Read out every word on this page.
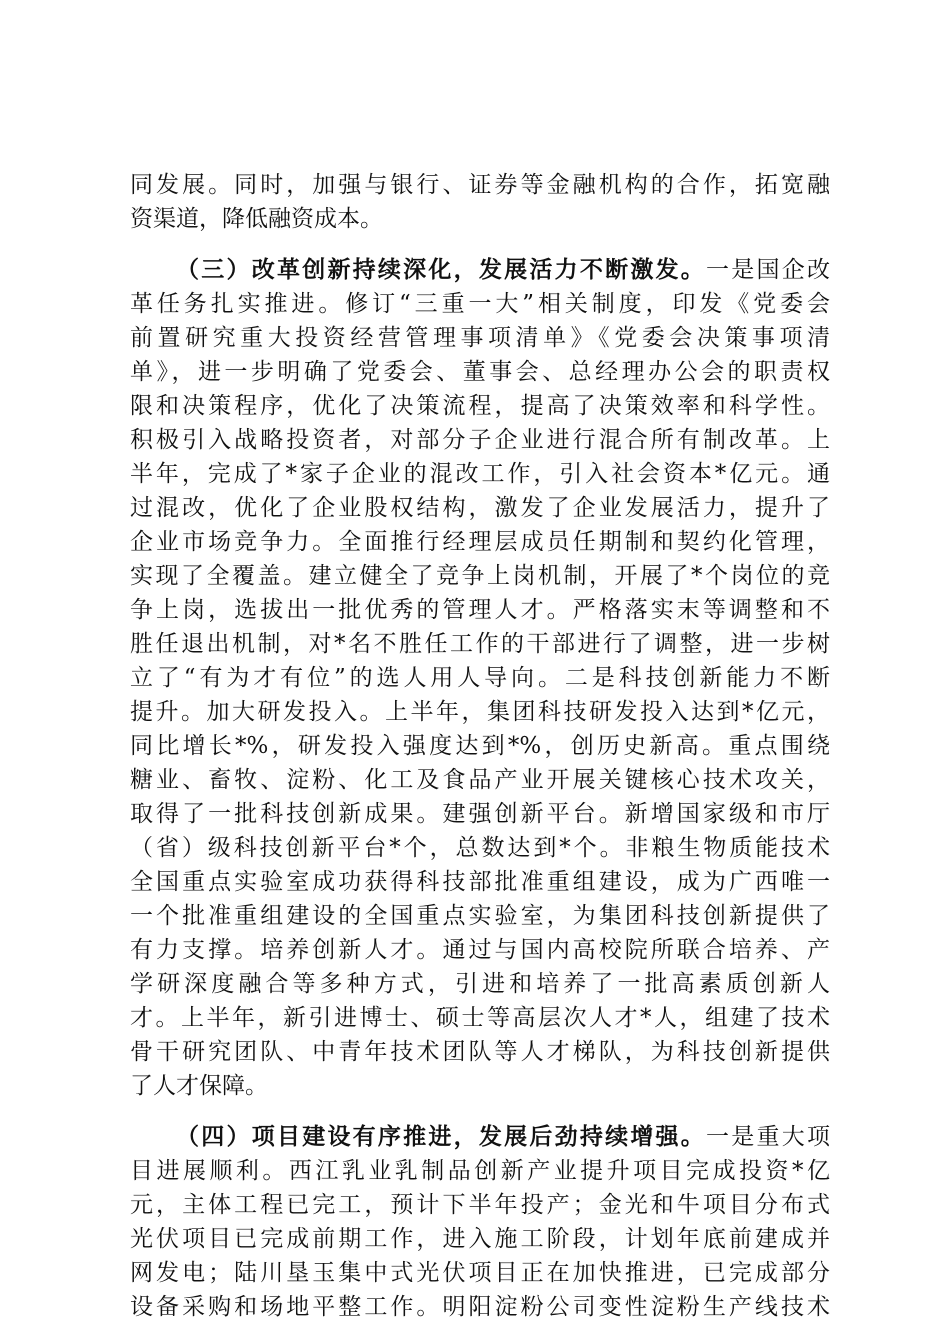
同发展。同时，加强与银行、证券等金融机构的合作，拓宽融

资渠道，降低融资成本。

（三）改革创新持续深化，发展活力不断激发。一是国企改

革任务扎实推进。修订“三重一大”相关制度，印发《党委会

前置研究重大投资经营管理事项清单》《党委会决策事项清

单》，进一步明确了党委会、董事会、总经理办公会的职责权

限和决策程序，优化了决策流程，提高了决策效率和科学性。

积极引入战略投资者，对部分子企业进行混合所有制改革。上

半年，完成了*家子企业的混改工作，引入社会资本*亿元。通

过混改，优化了企业股权结构，激发了企业发展活力，提升了

企业市场竞争力。全面推行经理层成员任期制和契约化管理，

实现了全覆盖。建立健全了竞争上岗机制，开展了*个岗位的竞

争上岗，选拔出一批优秀的管理人才。严格落实末等调整和不

胜任退出机制，对*名不胜任工作的干部进行了调整，进一步树

立了“有为才有位”的选人用人导向。二是科技创新能力不断

提升。加大研发投入。上半年，集团科技研发投入达到*亿元，

同比增长*%，研发投入强度达到*%，创历史新高。重点围绕

糖业、畜牧、淀粉、化工及食品产业开展关键核心技术攻关，

取得了一批科技创新成果。建强创新平台。新增国家级和市厅

（省）级科技创新平台*个，总数达到*个。非粮生物质能技术

全国重点实验室成功获得科技部批准重组建设，成为广西唯一

一个批准重组建设的全国重点实验室，为集团科技创新提供了

有力支撑。培养创新人才。通过与国内高校院所联合培养、产

学研深度融合等多种方式，引进和培养了一批高素质创新人

才。上半年，新引进博士、硕士等高层次人才*人，组建了技术

骨干研究团队、中青年技术团队等人才梯队，为科技创新提供

了人才保障。

（四）项目建设有序推进，发展后劲持续增强。一是重大项

目进展顺利。西江乳业乳制品创新产业提升项目完成投资*亿

元，主体工程已完工，预计下半年投产；金光和牛项目分布式

光伏项目已完成前期工作，进入施工阶段，计划年底前建成并

网发电；陆川垦玉集中式光伏项目正在加快推进，已完成部分

设备采购和场地平整工作。明阳淀粉公司变性淀粉生产线技术
